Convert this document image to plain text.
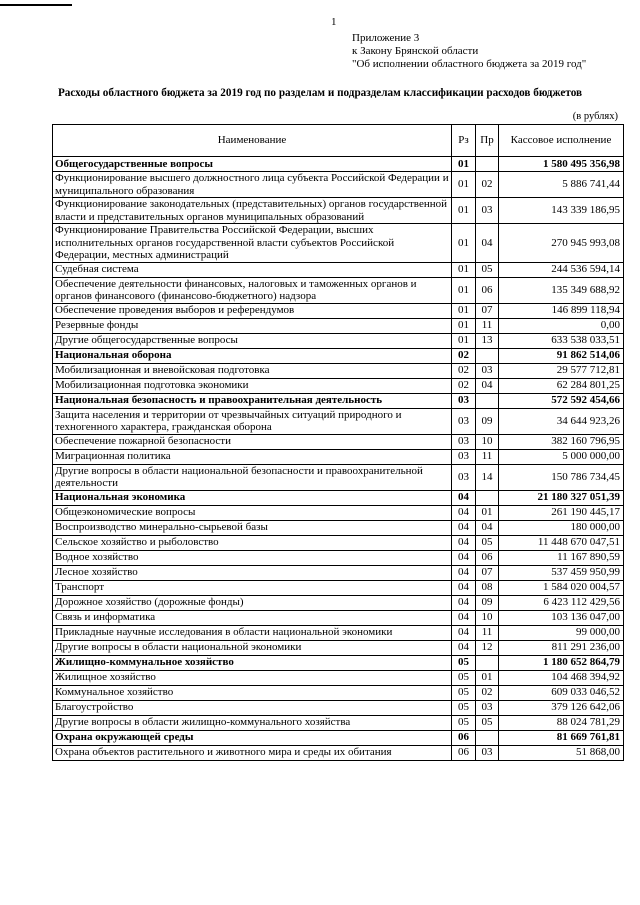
1
Приложение 3
к Закону Брянской области
"Об исполнении областного бюджета за 2019 год"
Расходы областного бюджета за 2019 год по разделам и подразделам классификации расходов бюджетов
(в рублях)
Наименование	Рз	Пр	Кассовое исполнение
Общегосударственные вопросы	01		1 580 495 356,98
Функционирование высшего должностного лица субъекта Российской Федерации и муниципального образования	01	02	5 886 741,44
Функционирование законодательных (представительных) органов государственной власти и представительных органов муниципальных образований	01	03	143 339 186,95
Функционирование Правительства Российской Федерации, высших исполнительных органов государственной власти субъектов Российской Федерации, местных администраций	01	04	270 945 993,08
Судебная система	01	05	244 536 594,14
Обеспечение деятельности финансовых, налоговых и таможенных органов и органов финансового (финансово-бюджетного) надзора	01	06	135 349 688,92
Обеспечение проведения выборов и референдумов	01	07	146 899 118,94
Резервные фонды	01	11	0,00
Другие общегосударственные вопросы	01	13	633 538 033,51
Национальная оборона	02		91 862 514,06
Мобилизационная и вневойсковая подготовка	02	03	29 577 712,81
Мобилизационная подготовка экономики	02	04	62 284 801,25
Национальная безопасность и правоохранительная деятельность	03		572 592 454,66
Защита населения и территории от чрезвычайных ситуаций природного и техногенного характера, гражданская оборона	03	09	34 644 923,26
Обеспечение пожарной безопасности	03	10	382 160 796,95
Миграционная политика	03	11	5 000 000,00
Другие вопросы в области национальной безопасности и правоохранительной деятельности	03	14	150 786 734,45
Национальная экономика	04		21 180 327 051,39
Общеэкономические вопросы	04	01	261 190 445,17
Воспроизводство минерально-сырьевой базы	04	04	180 000,00
Сельское хозяйство и рыболовство	04	05	11 448 670 047,51
Водное хозяйство	04	06	11 167 890,59
Лесное хозяйство	04	07	537 459 950,99
Транспорт	04	08	1 584 020 004,57
Дорожное хозяйство (дорожные фонды)	04	09	6 423 112 429,56
Связь и информатика	04	10	103 136 047,00
Прикладные научные исследования в области национальной экономики	04	11	99 000,00
Другие вопросы в области национальной экономики	04	12	811 291 236,00
Жилищно-коммунальное хозяйство	05		1 180 652 864,79
Жилищное хозяйство	05	01	104 468 394,92
Коммунальное хозяйство	05	02	609 033 046,52
Благоустройство	05	03	379 126 642,06
Другие вопросы в области жилищно-коммунального хозяйства	05	05	88 024 781,29
Охрана окружающей среды	06		81 669 761,81
Охрана объектов растительного и животного мира и среды их обитания	06	03	51 868,00
